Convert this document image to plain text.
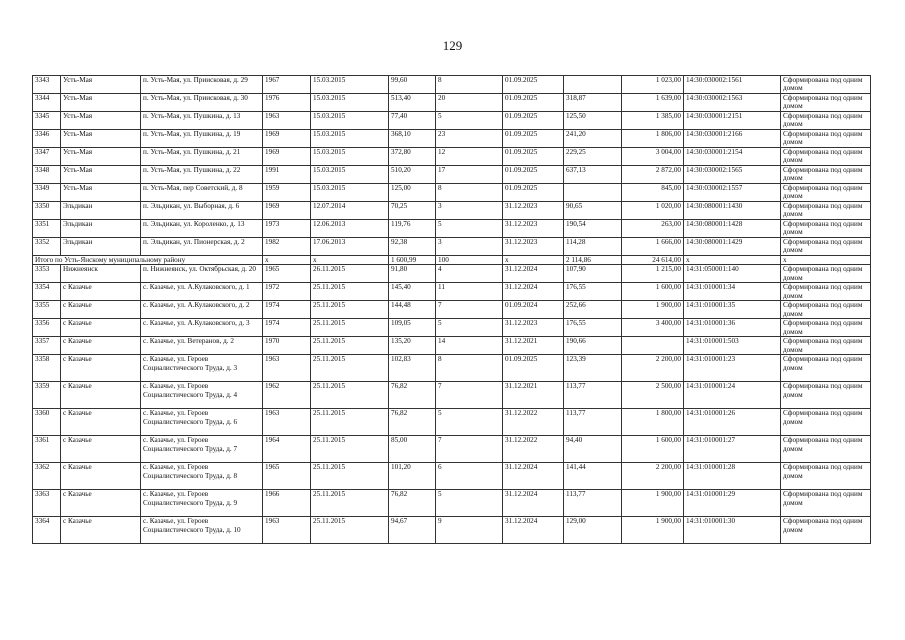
129
3343	Усть-Мая	п. Усть-Мая, ул. Приисковая, д. 29	1967	15.03.2015	99,60	8	01.09.2025		1 023,00	14:30:030002:1561	Сформирована под одним домом
3344	Усть-Мая	п. Усть-Мая, ул. Приисковая, д. 30	1976	15.03.2015	513,40	20	01.09.2025	318,87	1 639,00	14:30:030002:1563	Сформирована под одним домом
3345	Усть-Мая	п. Усть-Мая, ул. Пушкина, д. 13	1963	15.03.2015	77,40	5	01.09.2025	125,50	1 385,00	14:30:030001:2151	Сформирована под одним домом
3346	Усть-Мая	п. Усть-Мая, ул. Пушкина, д. 19	1969	15.03.2015	368,10	23	01.09.2025	241,20	1 806,00	14:30:030001:2166	Сформирована под одним домом
3347	Усть-Мая	п. Усть-Мая, ул. Пушкина, д. 21	1969	15.03.2015	372,80	12	01.09.2025	229,25	3 004,00	14:30:030001:2154	Сформирована под одним домом
3348	Усть-Мая	п. Усть-Мая, ул. Пушкина, д. 22	1991	15.03.2015	510,20	17	01.09.2025	637,13	2 872,00	14:30:030002:1565	Сформирована под одним домом
3349	Усть-Мая	п. Усть-Мая, пер Советский, д. 8	1959	15.03.2015	125,00	8	01.09.2025		845,00	14:30:030002:1557	Сформирована под одним домом
3350	Эльдикан	п. Эльдикан, ул. Выборная, д. 6	1969	12.07.2014	70,25	3	31.12.2023	90,65	1 020,00	14:30:080001:1430	Сформирована под одним домом
3351	Эльдикан	п. Эльдикан, ул. Короленко, д. 13	1973	12.06.2013	119,76	5	31.12.2023	190,54	263,00	14:30:080001:1428	Сформирована под одним домом
3352	Эльдикан	п. Эльдикан, ул. Пионерская, д. 2	1982	17.06.2013	92,38	3	31.12.2023	114,28	1 666,00	14:30:080001:1429	Сформирована под одним домом
Итого по Усть-Янскому муниципальному району			x	x	1 600,99	100	x	2 114,86	24 614,00	x	x
3353	Нижнеянск	п. Нижнеянск, ул. Октябрьская, д. 20	1965	26.11.2015	91,80	4	31.12.2024	107,90	1 215,00	14:31:050001:140	Сформирована под одним домом
3354	с Казачье	с. Казачье, ул. А.Кулаковского, д. 1	1972	25.11.2015	145,40	11	31.12.2024	176,55	1 600,00	14:31:010001:34	Сформирована под одним домом
3355	с Казачье	с. Казачье, ул. А.Кулаковского, д. 2	1974	25.11.2015	144,48	7	01.09.2024	252,66	1 900,00	14:31:010001:35	Сформирована под одним домом
3356	с Казачье	с. Казачье, ул. А.Кулаковского, д. 3	1974	25.11.2015	109,05	5	31.12.2023	176,55	3 400,00	14:31:010001:36	Сформирована под одним домом
3357	с Казачье	с. Казачье, ул. Ветеранов, д. 2	1970	25.11.2015	135,20	14	31.12.2021	190,66		14:31:010001:503	Сформирована под одним домом
3358	с Казачье	с. Казачье, ул. Героев Социалистического Труда, д. 3	1963	25.11.2015	102,83	8	01.09.2025	123,39	2 200,00	14:31:010001:23	Сформирована под одним домом
3359	с Казачье	с. Казачье, ул. Героев Социалистического Труда, д. 4	1962	25.11.2015	76,82	7	31.12.2021	113,77	2 500,00	14:31:010001:24	Сформирована под одним домом
3360	с Казачье	с. Казачье, ул. Героев Социалистического Труда, д. 6	1963	25.11.2015	76,82	5	31.12.2022	113,77	1 800,00	14:31:010001:26	Сформирована под одним домом
3361	с Казачье	с. Казачье, ул. Героев Социалистического Труда, д. 7	1964	25.11.2015	85,00	7	31.12.2022	94,40	1 600,00	14:31:010001:27	Сформирована под одним домом
3362	с Казачье	с. Казачье, ул. Героев Социалистического Труда, д. 8	1965	25.11.2015	101,20	6	31.12.2024	141,44	2 200,00	14:31:010001:28	Сформирована под одним домом
3363	с Казачье	с. Казачье, ул. Героев Социалистического Труда, д. 9	1966	25.11.2015	76,82	5	31.12.2024	113,77	1 900,00	14:31:010001:29	Сформирована под одним домом
3364	с Казачье	с. Казачье, ул. Героев Социалистического Труда, д. 10	1963	25.11.2015	94,67	9	31.12.2024	129,00	1 900,00	14:31:010001:30	Сформирована под одним домом
